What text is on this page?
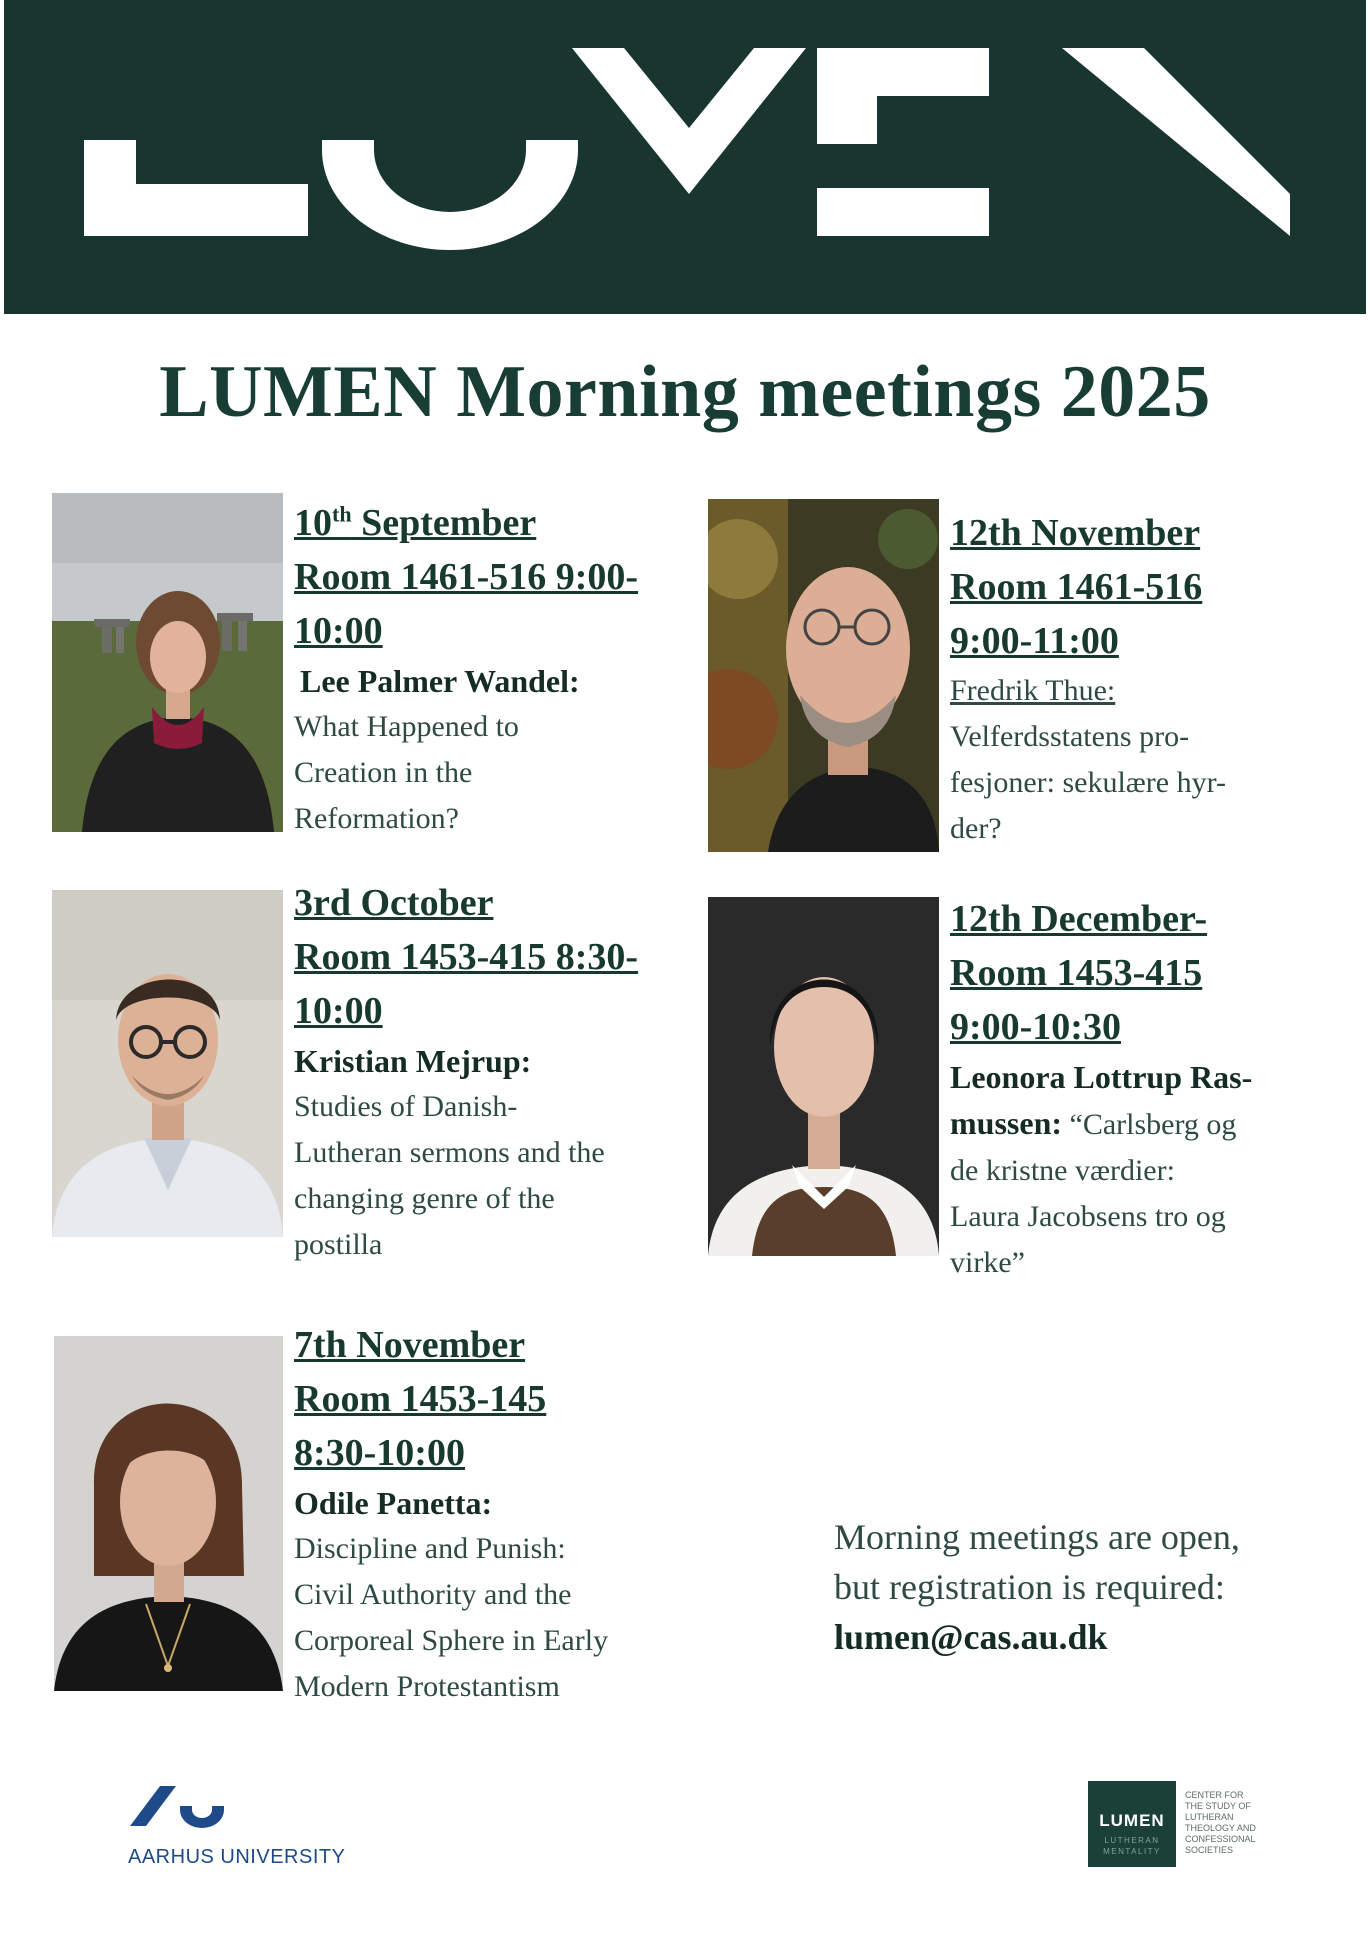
LUMEN Morning meetings 2025
10th September
Room 1461-516 9:00-
10:00
Lee Palmer Wandel:
What Happened to
Creation in the
Reformation?
3rd October
Room 1453-415 8:30-
10:00
Kristian Mejrup:
Studies of Danish-
Lutheran sermons and the
changing genre of the
postilla
7th November
Room 1453-145
8:30-10:00
Odile Panetta:
Discipline and Punish:
Civil Authority and the
Corporeal Sphere in Early
Modern Protestantism
12th November
Room 1461-516
9:00-11:00
Fredrik Thue:
Velferdsstatens pro-
fesjoner: sekulære hyr-
der?
12th December-
Room 1453-415
9:00-10:30
Leonora Lottrup Ras-
mussen: “Carlsberg og
de kristne værdier:
Laura Jacobsens tro og
virke”
Morning meetings are open,
but registration is required:
lumen@cas.au.dk
AARHUS UNIVERSITY
LUMEN
LUTHERAN
MENTALITY
CENTER FOR
THE STUDY OF
LUTHERAN
THEOLOGY AND
CONFESSIONAL
SOCIETIES
